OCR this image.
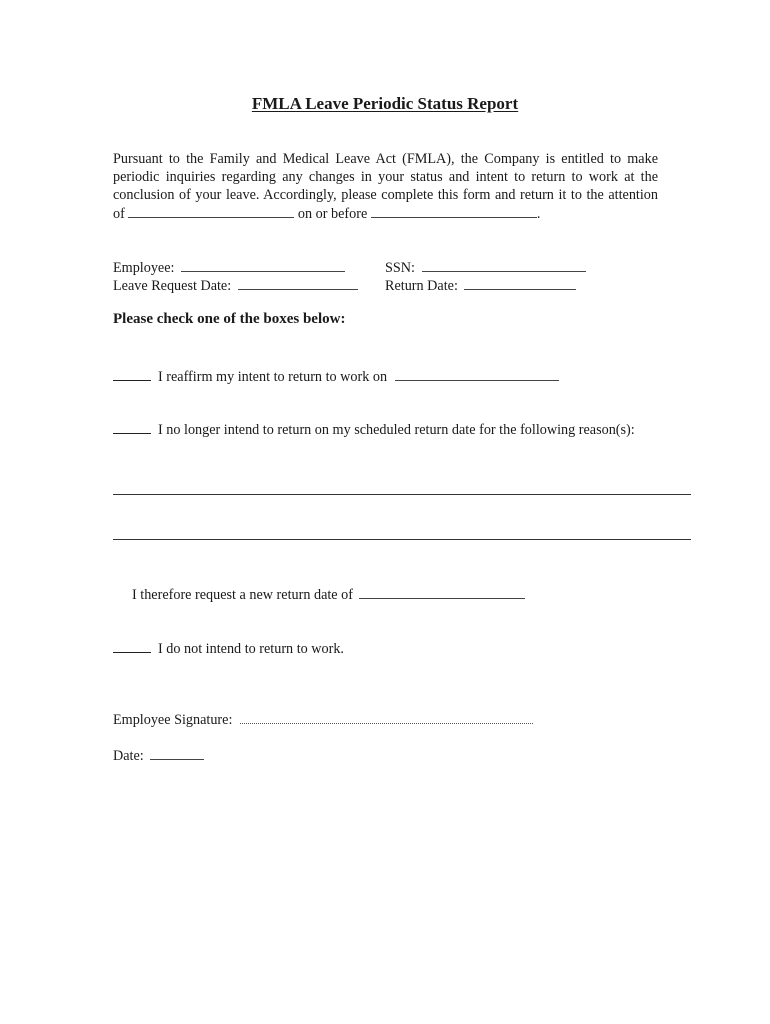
FMLA Leave Periodic Status Report
Pursuant to the Family and Medical Leave Act (FMLA), the Company is entitled to make periodic inquiries regarding any changes in your status and intent to return to work at the conclusion of your leave. Accordingly, please complete this form and return it to the attention of	on or before	.
Employee:	SSN:
Leave Request Date:	Return Date:
Please check one of the boxes below:
I reaffirm my intent to return to work on
I no longer intend to return on my scheduled return date for the following reason(s):
I therefore request a new return date of
I do not intend to return to work.
Employee Signature:
Date:
